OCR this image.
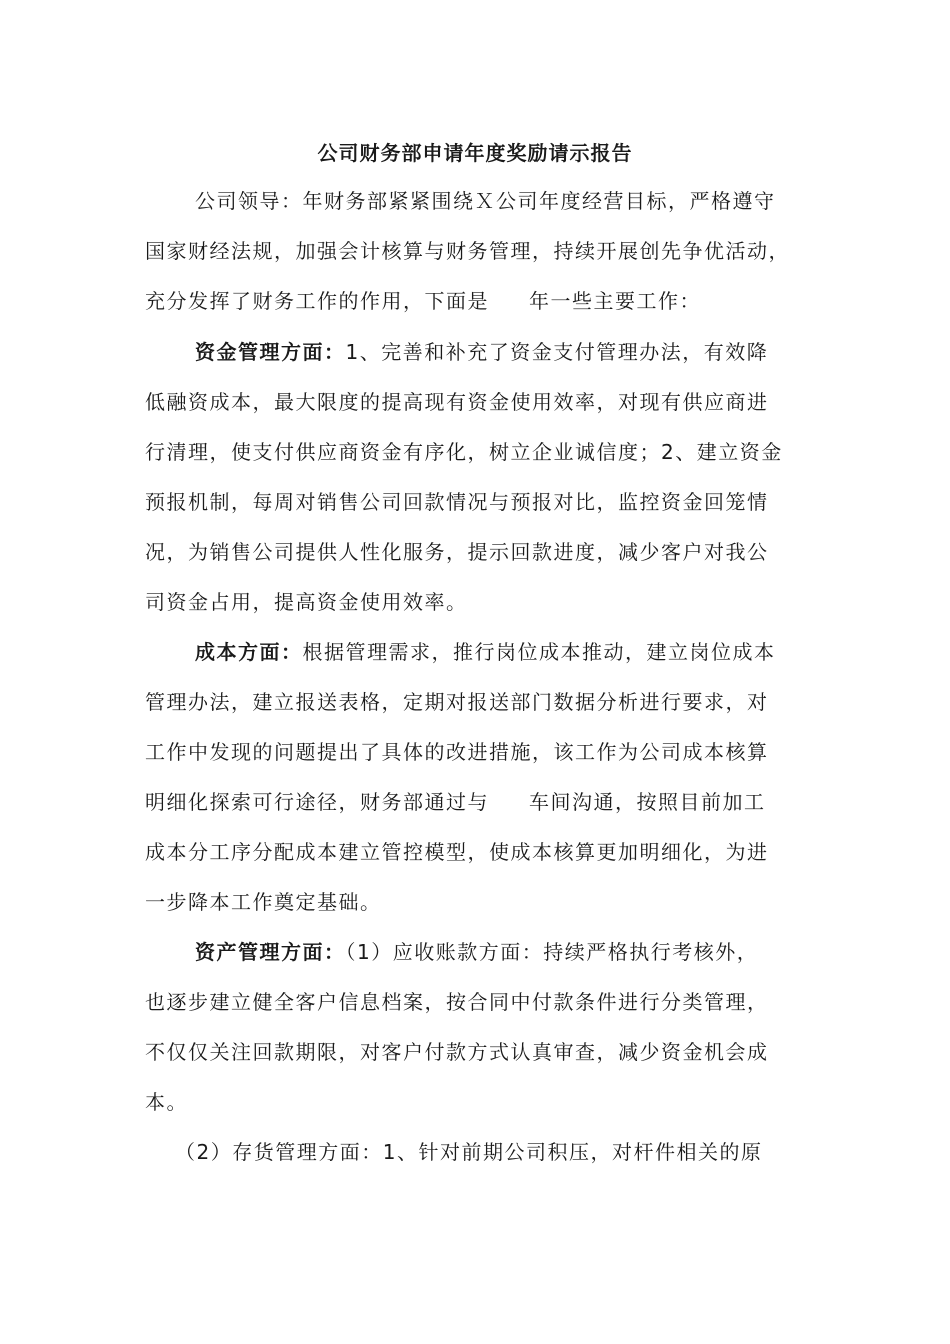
公司财务部申请年度奖励请示报告
公司领导：年财务部紧紧围绕Ｘ公司年度经营目标，严格遵守
国家财经法规，加强会计核算与财务管理，持续开展创先争优活动，
充分发挥了财务工作的作用，下面是 年一些主要工作：
资金管理方面：1、完善和补充了资金支付管理办法，有效降
低融资成本，最大限度的提高现有资金使用效率，对现有供应商进
行清理，使支付供应商资金有序化，树立企业诚信度；2、建立资金
预报机制，每周对销售公司回款情况与预报对比，监控资金回笼情
况，为销售公司提供人性化服务，提示回款进度，减少客户对我公
司资金占用，提高资金使用效率。
成本方面：根据管理需求，推行岗位成本推动，建立岗位成本
管理办法，建立报送表格，定期对报送部门数据分析进行要求，对
工作中发现的问题提出了具体的改进措施，该工作为公司成本核算
明细化探索可行途径，财务部通过与 车间沟通，按照目前加工
成本分工序分配成本建立管控模型，使成本核算更加明细化，为进
一步降本工作奠定基础。
资产管理方面：（1）应收账款方面：持续严格执行考核外，
也逐步建立健全客户信息档案，按合同中付款条件进行分类管理，
不仅仅关注回款期限，对客户付款方式认真审查，减少资金机会成
本。
（2）存货管理方面：1、针对前期公司积压，对杆件相关的原
